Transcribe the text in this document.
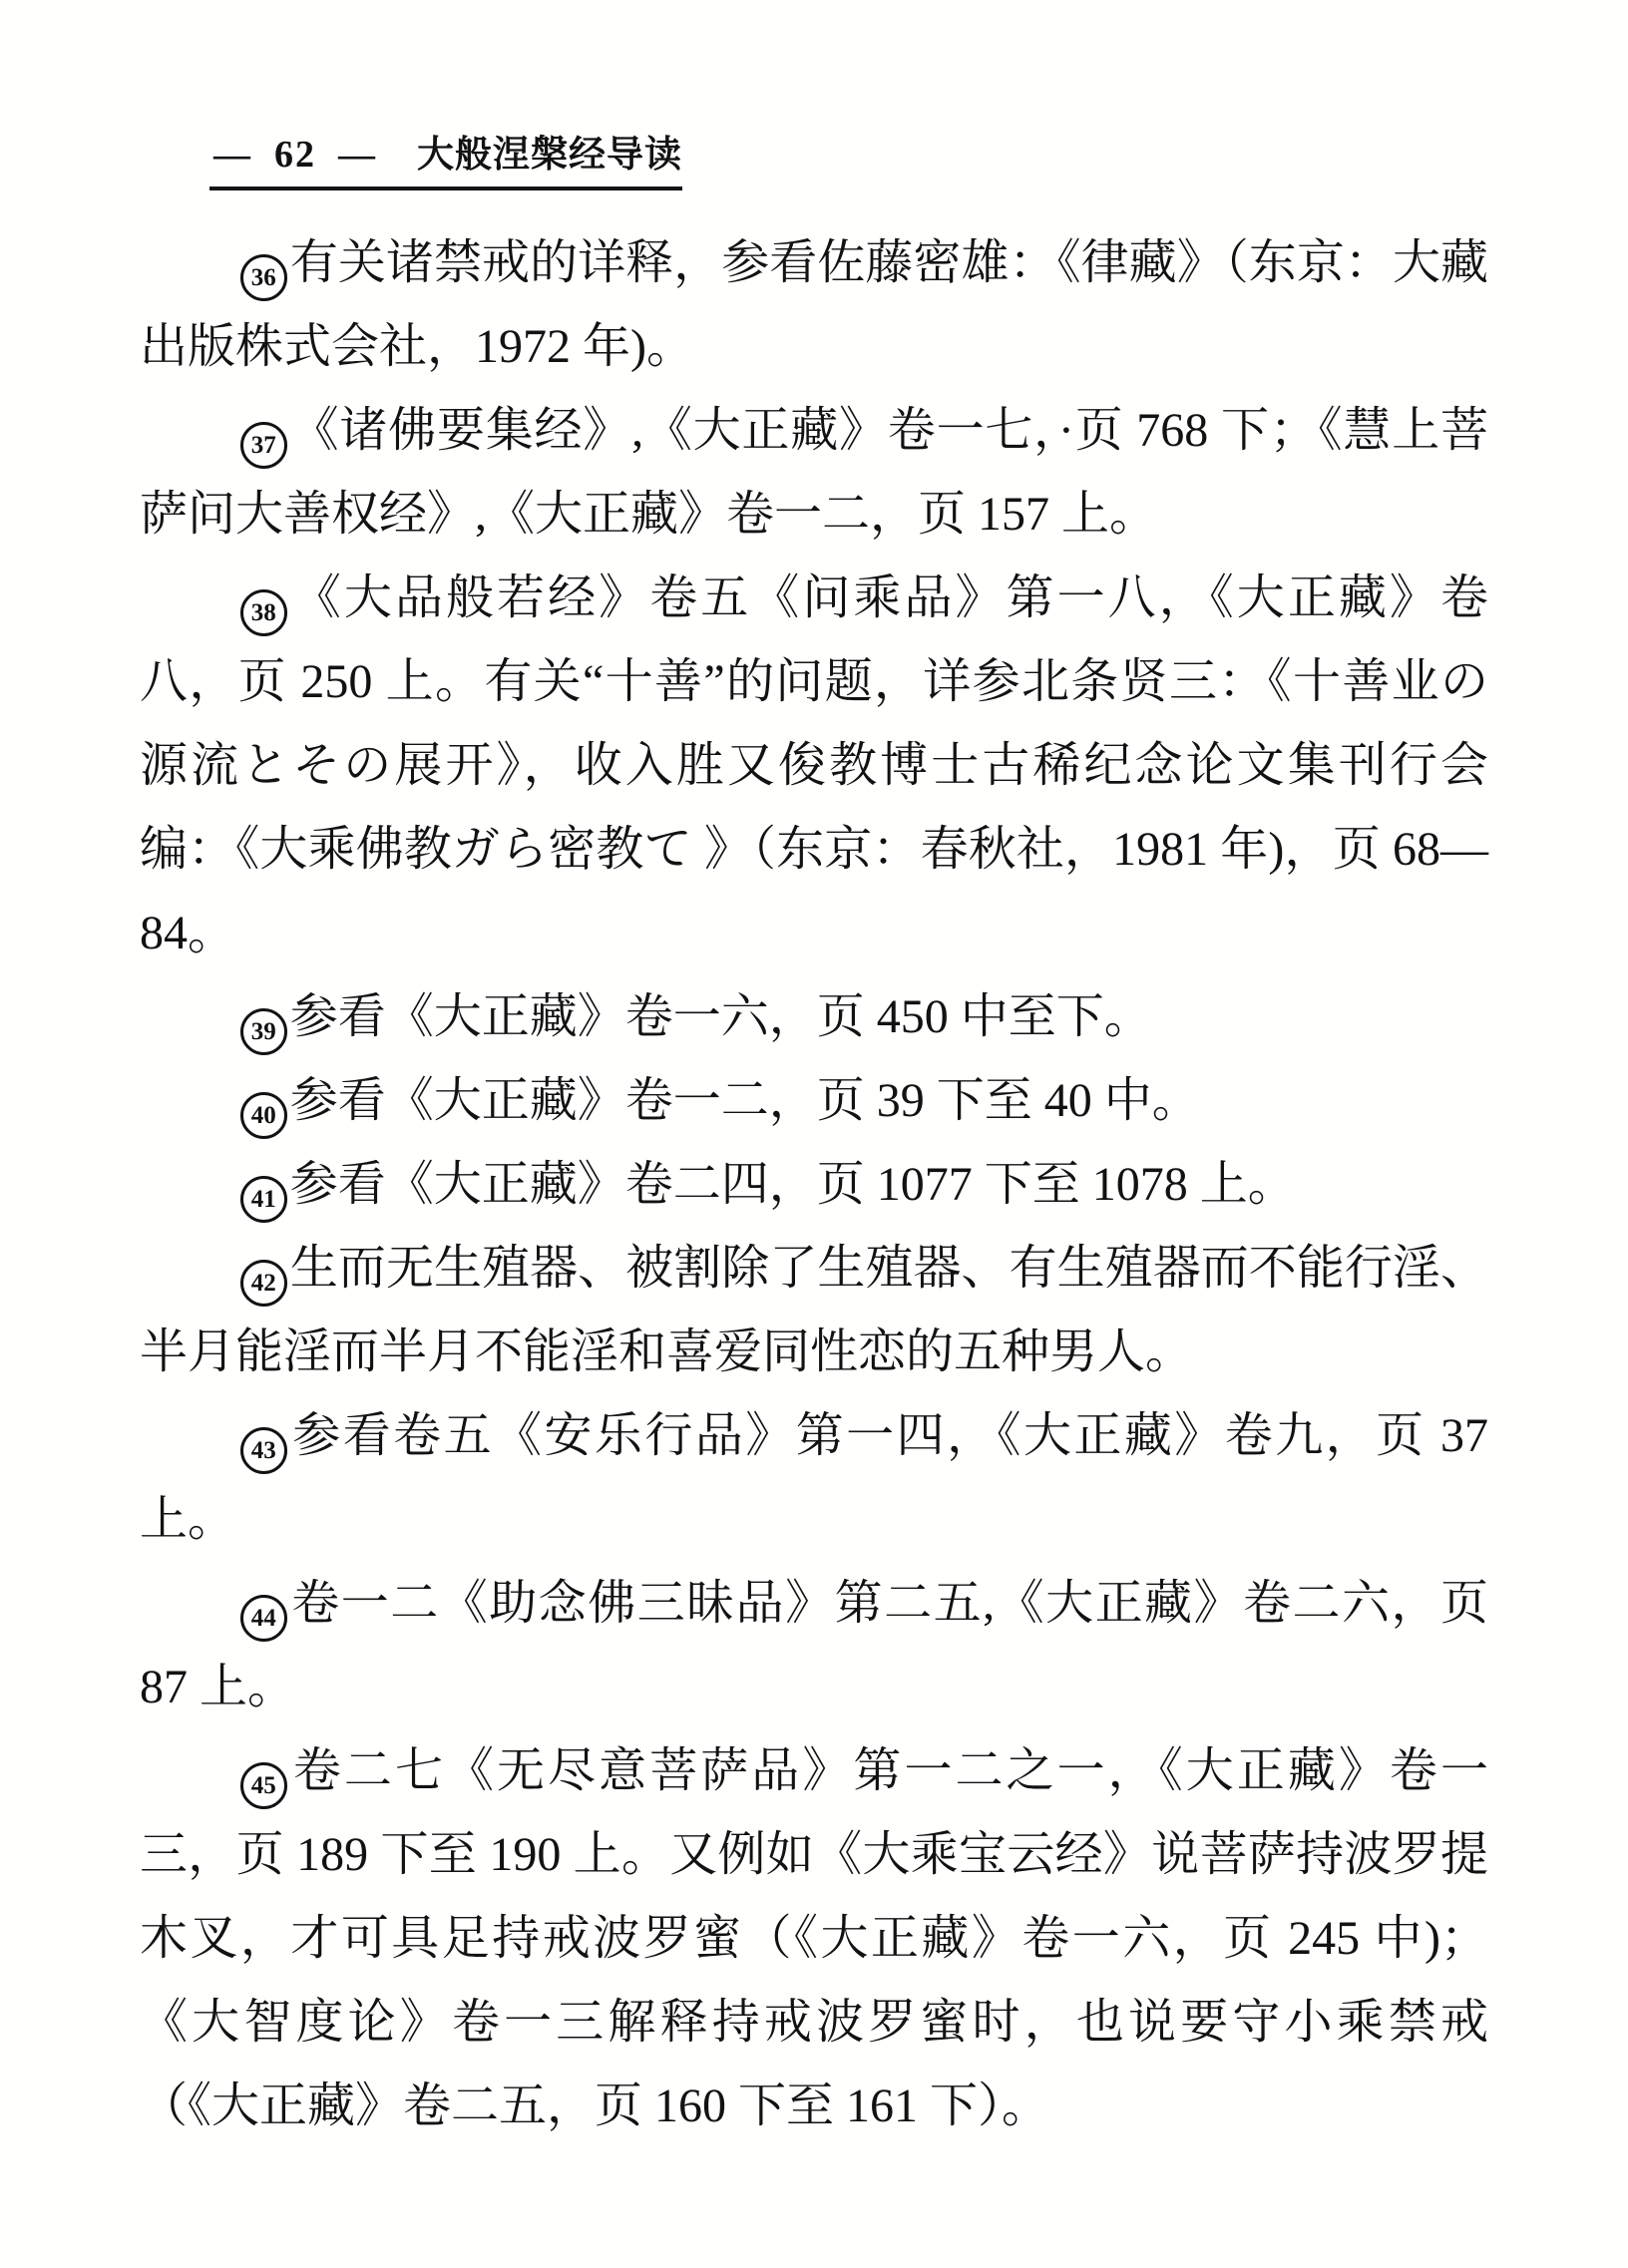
— 62 — 大般涅槃经导读

36 有关诸禁戒的详释，参看佐藤密雄：《律藏》（东京：大藏出版株式会社，1972 年)。

37 《诸佛要集经》,《大正藏》卷一七，·页 768 下；《慧上菩萨问大善权经》,《大正藏》卷一二，页 157 上。

38 《大品般若经》卷五《问乘品》第一八，《大正藏》卷八，页 250 上。有关“十善”的问题，详参北条贤三：《十善业の源流とその展开》，收入胜又俊教博士古稀纪念论文集刊行会编：《大乘佛教ガら密教て 》（东京：春秋社，1981 年)，页 68—84。

39 参看《大正藏》卷一六，页 450 中至下。

40 参看《大正藏》卷一二，页 39 下至 40 中。

41 参看《大正藏》卷二四，页 1077 下至 1078 上。

42 生而无生殖器、被割除了生殖器、有生殖器而不能行淫、半月能淫而半月不能淫和喜爱同性恋的五种男人。

43 参看卷五《安乐行品》第一四，《大正藏》卷九，页 37 上。

44 卷一二《助念佛三昧品》第二五,《大正藏》卷二六，页 87 上。

45 卷二七《无尽意菩萨品》第一二之一，《大正藏》卷一三，页 189 下至 190 上。又例如《大乘宝云经》说菩萨持波罗提木叉，才可具足持戒波罗蜜（《大正藏》卷一六，页 245 中)；《大智度论》卷一三解释持戒波罗蜜时，也说要守小乘禁戒（《大正藏》卷二五，页 160 下至 161 下）。
